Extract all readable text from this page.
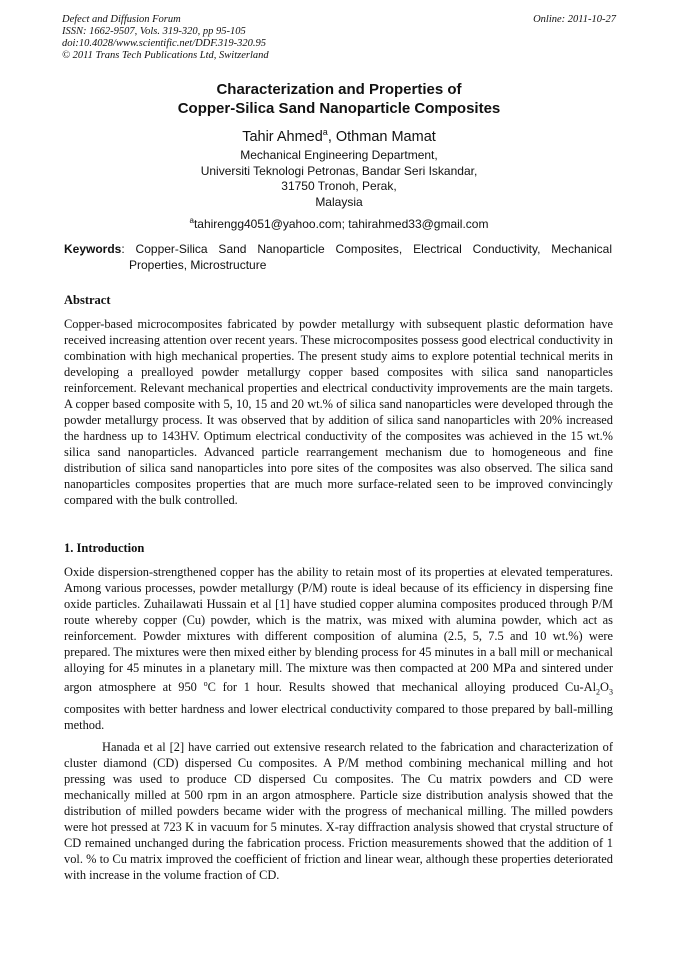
Defect and Diffusion Forum
ISSN: 1662-9507, Vols. 319-320, pp 95-105
doi:10.4028/www.scientific.net/DDF.319-320.95
© 2011 Trans Tech Publications Ltd, Switzerland
Online: 2011-10-27
Characterization and Properties of
Copper-Silica Sand Nanoparticle Composites
Tahir Ahmed$^a$, Othman Mamat
Mechanical Engineering Department,
Universiti Teknologi Petronas, Bandar Seri Iskandar,
31750 Tronoh, Perak,
Malaysia
$^a$tahirengg4051@yahoo.com; tahirahmed33@gmail.com
Keywords: Copper-Silica Sand Nanoparticle Composites, Electrical Conductivity, Mechanical
Properties, Microstructure
Abstract
Copper-based microcomposites fabricated by powder metallurgy with subsequent plastic deformation have received increasing attention over recent years. These microcomposites possess good electrical conductivity in combination with high mechanical properties. The present study aims to explore potential technical merits in developing a prealloyed powder metallurgy copper based composites with silica sand nanoparticles reinforcement. Relevant mechanical properties and electrical conductivity improvements are the main targets. A copper based composite with 5, 10, 15 and 20 wt.% of silica sand nanoparticles were developed through the powder metallurgy process. It was observed that by addition of silica sand nanoparticles with 20% increased the hardness up to 143HV. Optimum electrical conductivity of the composites was achieved in the 15 wt.% silica sand nanoparticles. Advanced particle rearrangement mechanism due to homogeneous and fine distribution of silica sand nanoparticles into pore sites of the composites was also observed. The silica sand nanoparticles composites properties that are much more surface-related seen to be improved convincingly compared with the bulk controlled.
1. Introduction
Oxide dispersion-strengthened copper has the ability to retain most of its properties at elevated temperatures. Among various processes, powder metallurgy (P/M) route is ideal because of its efficiency in dispersing fine oxide particles. Zuhailawati Hussain et al [1] have studied copper alumina composites produced through P/M route whereby copper (Cu) powder, which is the matrix, was mixed with alumina powder, which act as reinforcement. Powder mixtures with different composition of alumina (2.5, 5, 7.5 and 10 wt.%) were prepared. The mixtures were then mixed either by blending process for 45 minutes in a ball mill or mechanical alloying for 45 minutes in a planetary mill. The mixture was then compacted at 200 MPa and sintered under argon atmosphere at 950 $^o$C for 1 hour. Results showed that mechanical alloying produced $Cu-Al_2O_3$ composites with better hardness and lower electrical conductivity compared to those prepared by ball-milling method.
Hanada et al [2] have carried out extensive research related to the fabrication and characterization of cluster diamond (CD) dispersed Cu composites. A P/M method combining mechanical milling and hot pressing was used to produce CD dispersed Cu composites. The Cu matrix powders and CD were mechanically milled at 500 rpm in an argon atmosphere. Particle size distribution analysis showed that the distribution of milled powders became wider with the progress of mechanical milling. The milled powders were hot pressed at 723 K in vacuum for 5 minutes. X-ray diffraction analysis showed that crystal structure of CD remained unchanged during the fabrication process. Friction measurements showed that the addition of 1 vol. % to Cu matrix improved the coefficient of friction and linear wear, although these properties deteriorated with increase in the volume fraction of CD.
